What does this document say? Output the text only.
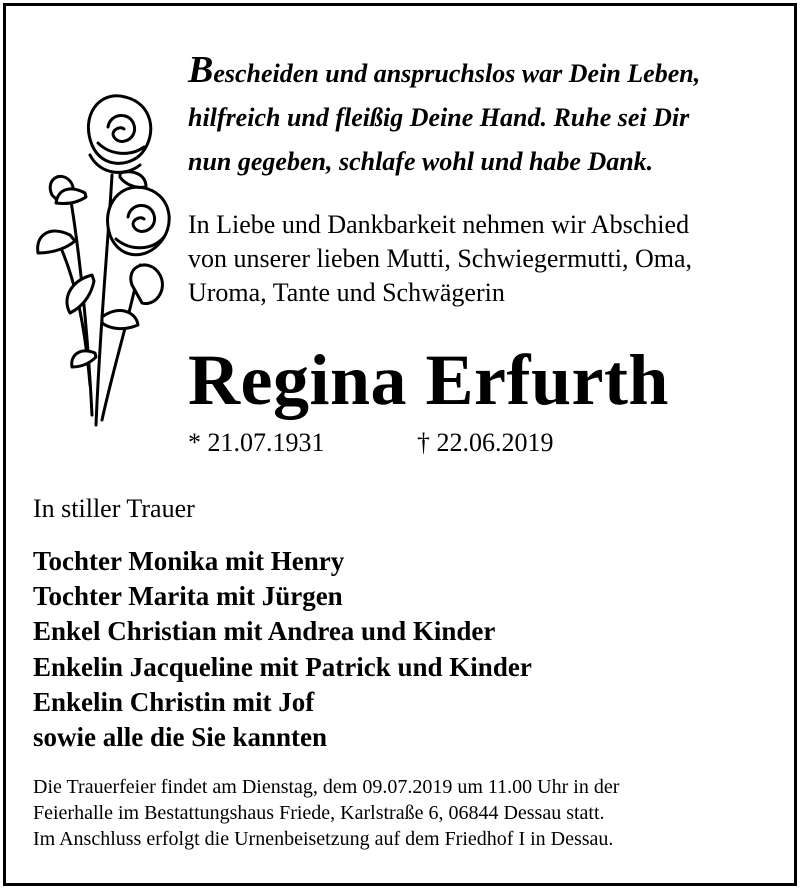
Bescheiden und anspruchslos war Dein Leben,
hilfreich und fleißig Deine Hand. Ruhe sei Dir
nun gegeben, schlafe wohl und habe Dank.
In Liebe und Dankbarkeit nehmen wir Abschied
von unserer lieben Mutti, Schwiegermutti, Oma,
Uroma, Tante und Schwägerin
Regina Erfurth
* 21.07.1931	† 22.06.2019
In stiller Trauer
Tochter Monika mit Henry
Tochter Marita mit Jürgen
Enkel Christian mit Andrea und Kinder
Enkelin Jacqueline mit Patrick und Kinder
Enkelin Christin mit Jof
sowie alle die Sie kannten
Die Trauerfeier findet am Dienstag, dem 09.07.2019 um 11.00 Uhr in der
Feierhalle im Bestattungshaus Friede, Karlstraße 6, 06844 Dessau statt.
Im Anschluss erfolgt die Urnenbeisetzung auf dem Friedhof I in Dessau.
